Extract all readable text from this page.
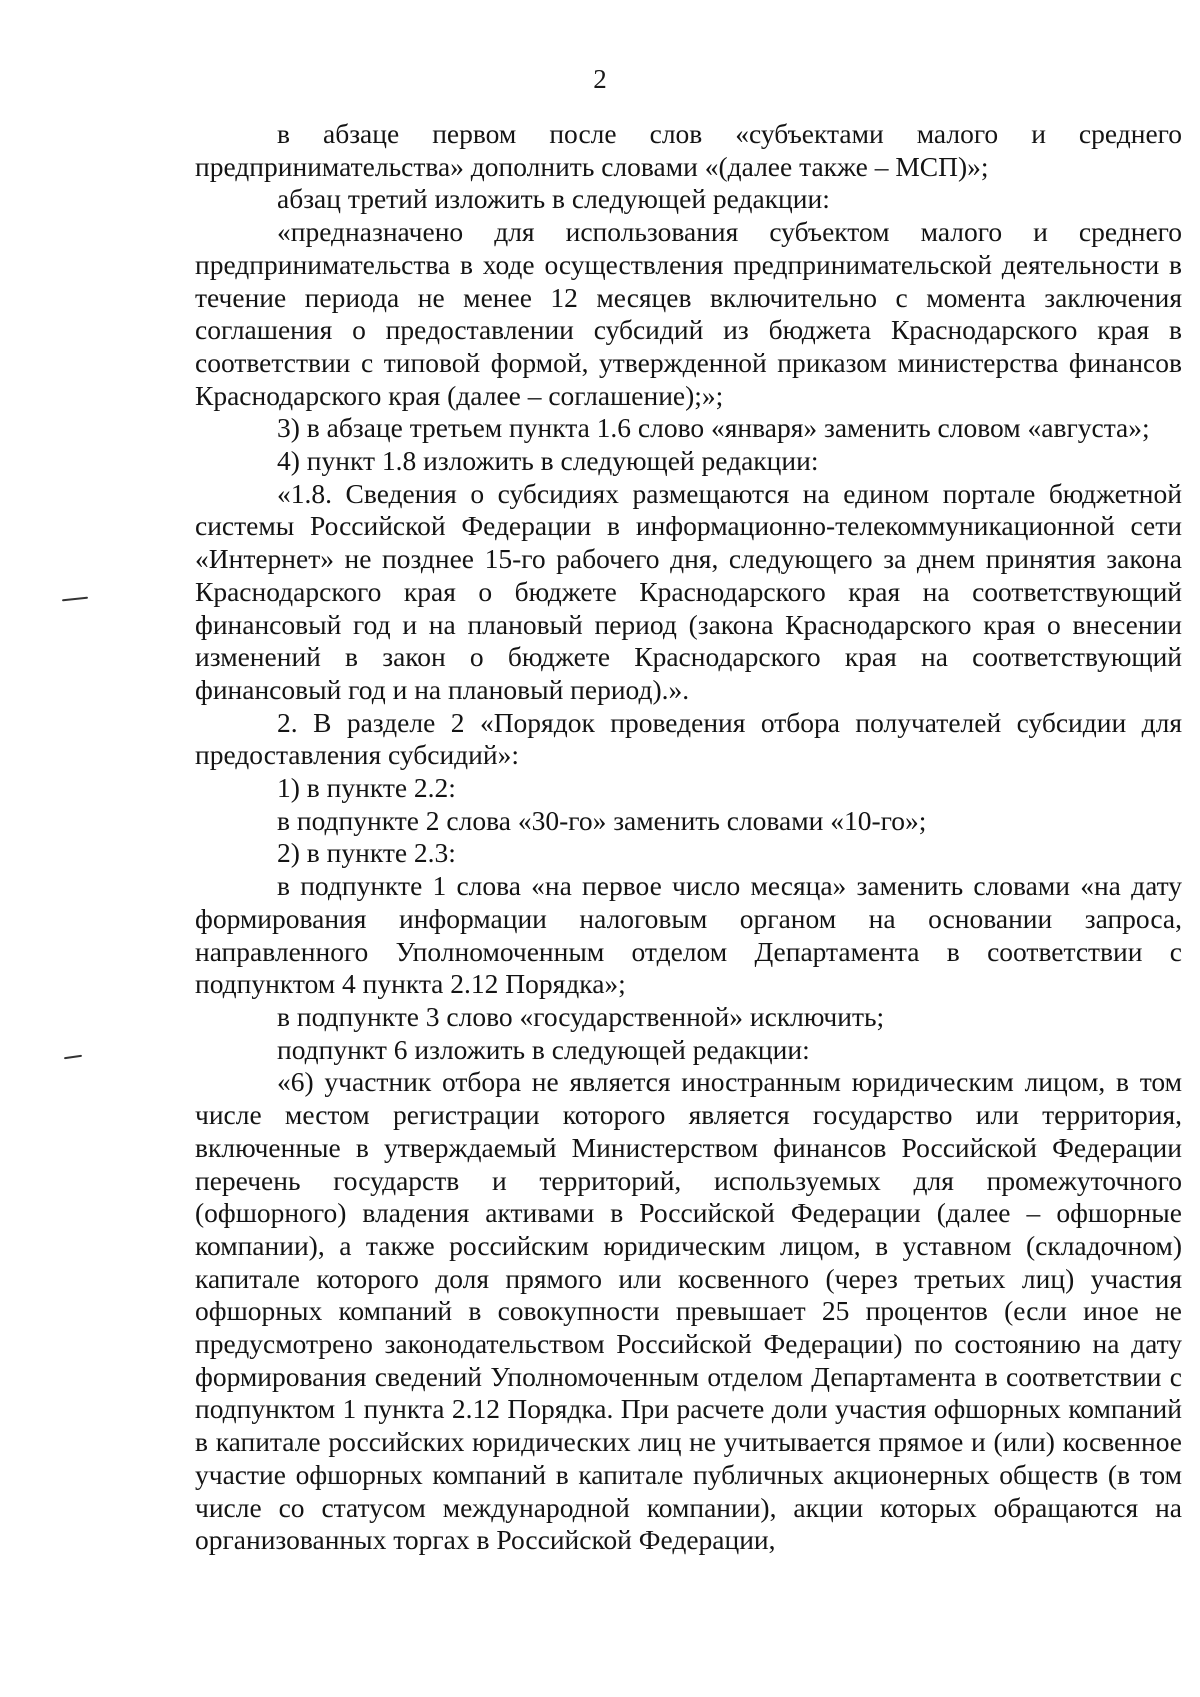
2

в абзаце первом после слов «субъектами малого и среднего предпринимательства» дополнить словами «(далее также – МСП)»;

абзац третий изложить в следующей редакции:

«предназначено для использования субъектом малого и среднего предпринимательства в ходе осуществления предпринимательской деятельности в течение периода не менее 12 месяцев включительно с момента заключения соглашения о предоставлении субсидий из бюджета Краснодарского края в соответствии с типовой формой, утвержденной приказом министерства финансов Краснодарского края (далее – соглашение);»;

3) в абзаце третьем пункта 1.6 слово «января» заменить словом «августа»;

4) пункт 1.8 изложить в следующей редакции:

«1.8. Сведения о субсидиях размещаются на едином портале бюджетной системы Российской Федерации в информационно-телекоммуникационной сети «Интернет» не позднее 15-го рабочего дня, следующего за днем принятия закона Краснодарского края о бюджете Краснодарского края на соответствующий финансовый год и на плановый период (закона Краснодарского края о внесении изменений в закон о бюджете Краснодарского края на соответствующий финансовый год и на плановый период).».

2. В разделе 2 «Порядок проведения отбора получателей субсидии для предоставления субсидий»:

1) в пункте 2.2:

в подпункте 2 слова «30-го» заменить словами «10-го»;

2) в пункте 2.3:

в подпункте 1 слова «на первое число месяца» заменить словами «на дату формирования информации налоговым органом на основании запроса, направленного Уполномоченным отделом Департамента в соответствии с подпунктом 4 пункта 2.12 Порядка»;

в подпункте 3 слово «государственной» исключить;

подпункт 6 изложить в следующей редакции:

«6) участник отбора не является иностранным юридическим лицом, в том числе местом регистрации которого является государство или территория, включенные в утверждаемый Министерством финансов Российской Федерации перечень государств и территорий, используемых для промежуточного (офшорного) владения активами в Российской Федерации (далее – офшорные компании), а также российским юридическим лицом, в уставном (складочном) капитале которого доля прямого или косвенного (через третьих лиц) участия офшорных компаний в совокупности превышает 25 процентов (если иное не предусмотрено законодательством Российской Федерации) по состоянию на дату формирования сведений Уполномоченным отделом Департамента в соответствии с подпунктом 1 пункта 2.12 Порядка. При расчете доли участия офшорных компаний в капитале российских юридических лиц не учитывается прямое и (или) косвенное участие офшорных компаний в капитале публичных акционерных обществ (в том числе со статусом международной компании), акции которых обращаются на организованных торгах в Российской Федерации,
